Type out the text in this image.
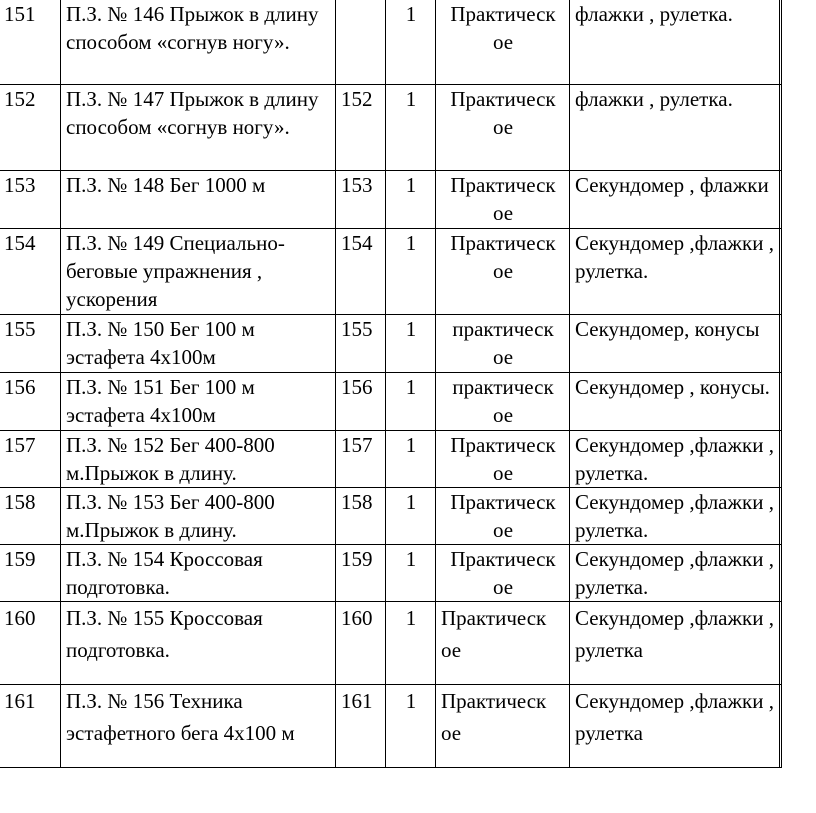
151	П.З. № 146 Прыжок в длину способом «согнув ногу».		1	Практическ ое	флажки , рулетка.	
152	П.З. № 147 Прыжок в длину способом «согнув ногу».	152	1	Практическ ое	флажки , рулетка.	
153	П.З. № 148 Бег 1000 м	153	1	Практическ ое	Секундомер , флажки	
154	П.З. № 149 Специально-беговые упражнения , ускорения	154	1	Практическ ое	Секундомер ,флажки , рулетка.	
155	П.З. № 150 Бег 100 м эстафета 4х100м	155	1	практическ ое	Секундомер, конусы	
156	П.З. № 151 Бег 100 м эстафета 4х100м	156	1	практическ ое	Секундомер , конусы.	
157	П.З. № 152 Бег 400-800 м.Прыжок в длину.	157	1	Практическ ое	Секундомер ,флажки , рулетка.	
158	П.З. № 153 Бег 400-800 м.Прыжок в длину.	158	1	Практическ ое	Секундомер ,флажки , рулетка.	
159	П.З. № 154 Кроссовая подготовка.	159	1	Практическ ое	Секундомер ,флажки , рулетка.	
160	П.З. № 155 Кроссовая подготовка.	160	1	Практическ ое	Секундомер ,флажки , рулетка	
161	П.З. № 156 Техника эстафетного бега 4х100 м	161	1	Практическ ое	Секундомер ,флажки , рулетка	
